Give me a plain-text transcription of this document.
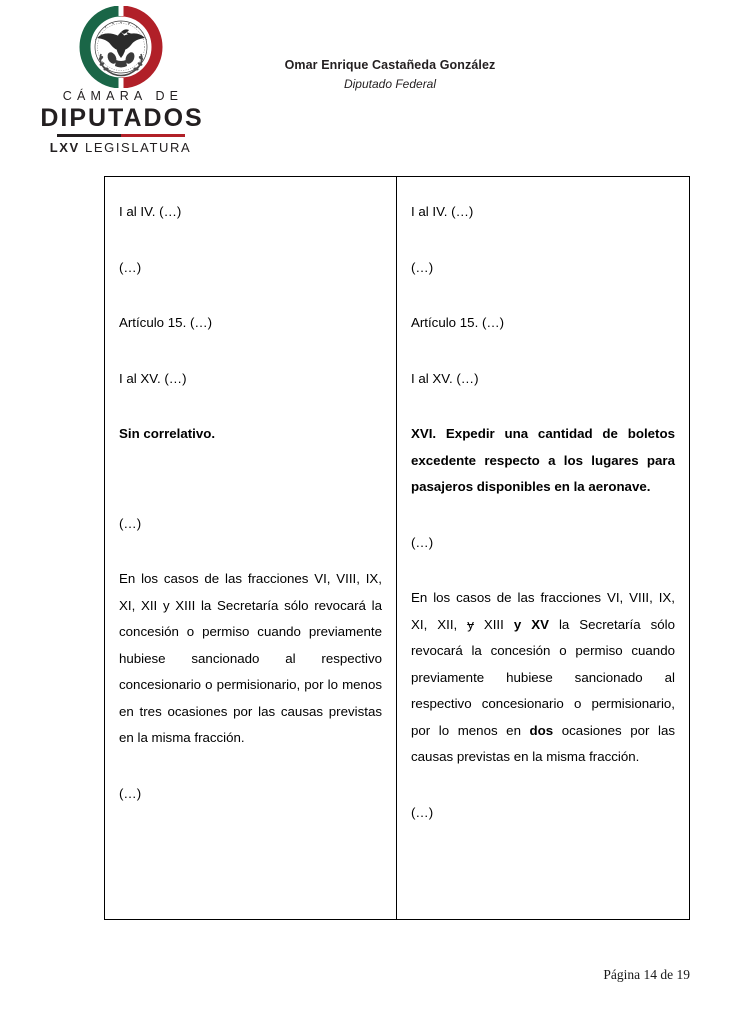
CÁMARA DE
DIPUTADOS
LXV LEGISLATURA
Omar Enrique Castañeda González
Diputado Federal

I al IV. (…)

(…)

Artículo 15. (…)

I al XV. (…)

Sin correlativo.

(…)

En los casos de las fracciones VI, VIII, IX, XI, XII y XIII la Secretaría sólo revocará la concesión o permiso cuando previamente hubiese sancionado al respectivo concesionario o permisionario, por lo menos en tres ocasiones por las causas previstas en la misma fracción.

(…)

I al IV. (…)

(…)

Artículo 15. (…)

I al XV. (…)

XVI. Expedir una cantidad de boletos excedente respecto a los lugares para pasajeros disponibles en la aeronave.

(…)

En los casos de las fracciones VI, VIII, IX, XI, XII, y XIII y XV la Secretaría sólo revocará la concesión o permiso cuando previamente hubiese sancionado al respectivo concesionario o permisionario, por lo menos en dos ocasiones por las causas previstas en la misma fracción.

(…)

Página 14 de 19
